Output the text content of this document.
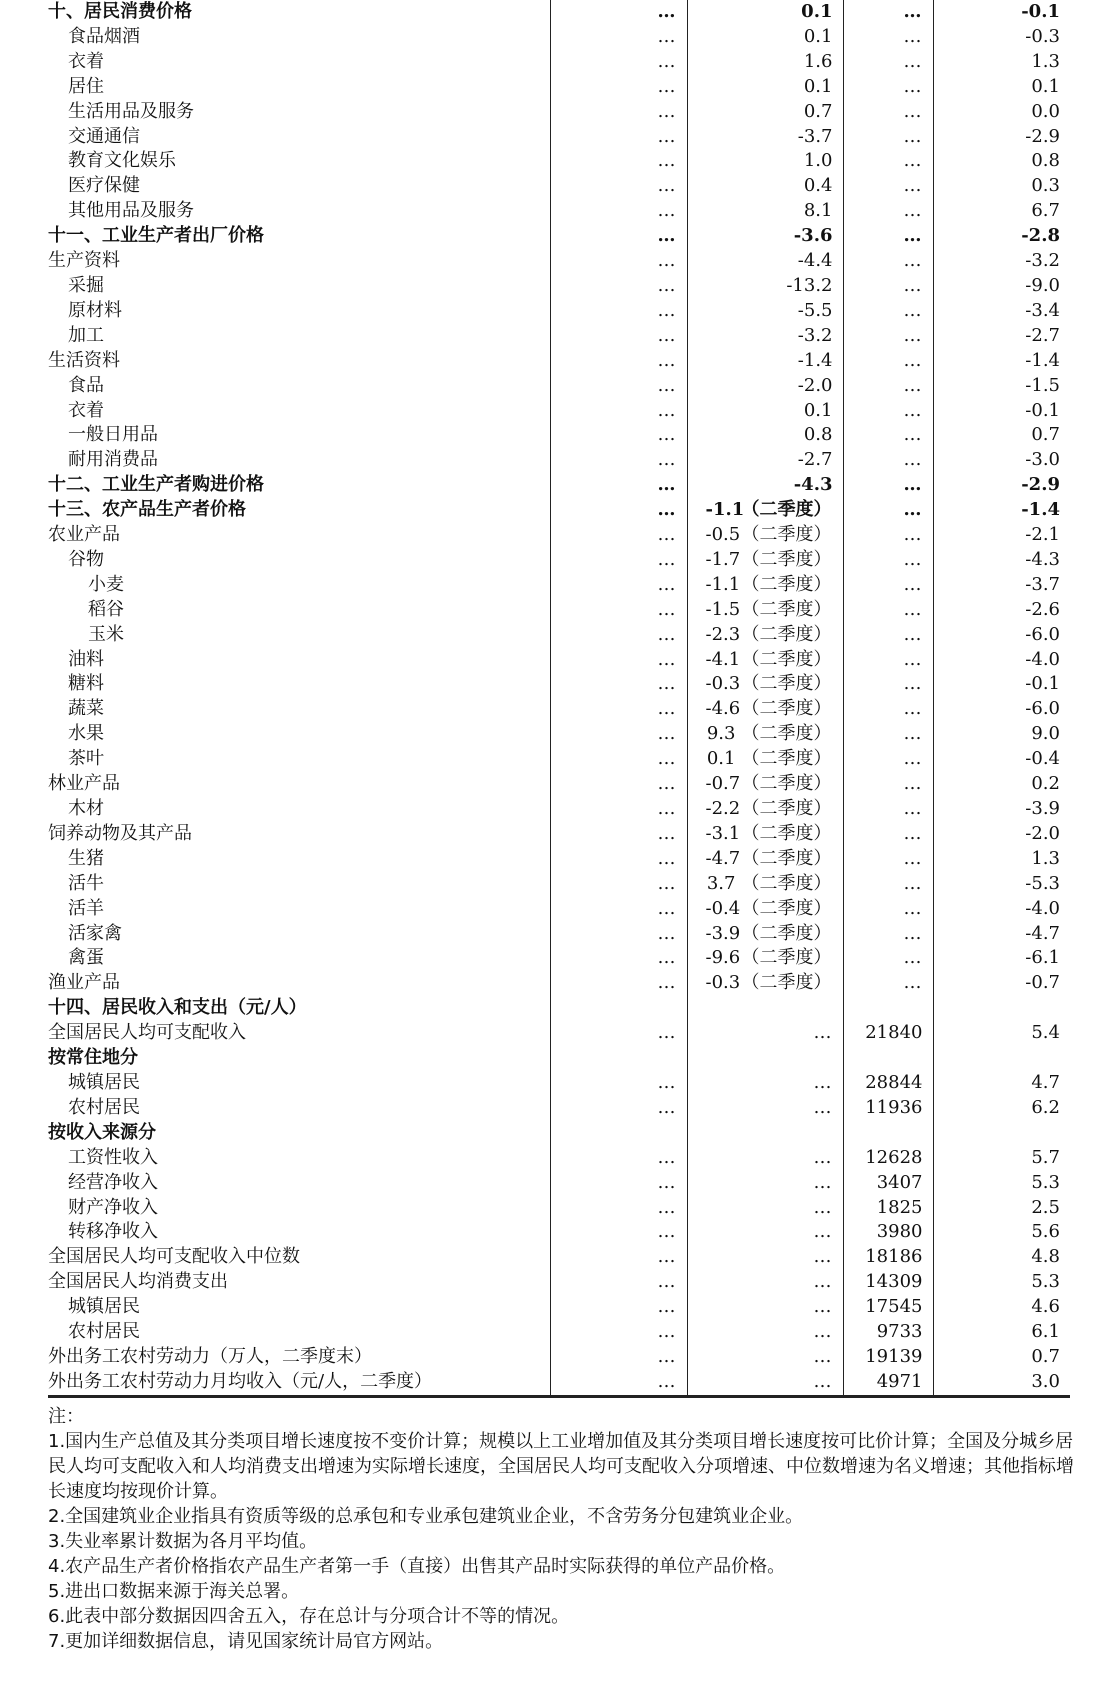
十、居民消费价格	…	0.1	…	-0.1
食品烟酒	…	0.1	…	-0.3
衣着	…	1.6	…	1.3
居住	…	0.1	…	0.1
生活用品及服务	…	0.7	…	0.0
交通通信	…	-3.7	…	-2.9
教育文化娱乐	…	1.0	…	0.8
医疗保健	…	0.4	…	0.3
其他用品及服务	…	8.1	…	6.7
十一、工业生产者出厂价格	…	-3.6	…	-2.8
生产资料	…	-4.4	…	-3.2
采掘	…	-13.2	…	-9.0
原材料	…	-5.5	…	-3.4
加工	…	-3.2	…	-2.7
生活资料	…	-1.4	…	-1.4
食品	…	-2.0	…	-1.5
衣着	…	0.1	…	-0.1
一般日用品	…	0.8	…	0.7
耐用消费品	…	-2.7	…	-3.0
十二、工业生产者购进价格	…	-4.3	…	-2.9
十三、农产品生产者价格	…	-1.1（二季度）	…	-1.4
农业产品	…	-0.5（二季度）	…	-2.1
谷物	…	-1.7（二季度）	…	-4.3
小麦	…	-1.1（二季度）	…	-3.7
稻谷	…	-1.5（二季度）	…	-2.6
玉米	…	-2.3（二季度）	…	-6.0
油料	…	-4.1（二季度）	…	-4.0
糖料	…	-0.3（二季度）	…	-0.1
蔬菜	…	-4.6（二季度）	…	-6.0
水果	…	9.3 （二季度）	…	9.0
茶叶	…	0.1 （二季度）	…	-0.4
林业产品	…	-0.7（二季度）	…	0.2
木材	…	-2.2（二季度）	…	-3.9
饲养动物及其产品	…	-3.1（二季度）	…	-2.0
生猪	…	-4.7（二季度）	…	1.3
活牛	…	3.7 （二季度）	…	-5.3
活羊	…	-0.4（二季度）	…	-4.0
活家禽	…	-3.9（二季度）	…	-4.7
禽蛋	…	-9.6（二季度）	…	-6.1
渔业产品	…	-0.3（二季度）	…	-0.7
十四、居民收入和支出（元/人）				
全国居民人均可支配收入	…	…	21840	5.4
按常住地分				
城镇居民	…	…	28844	4.7
农村居民	…	…	11936	6.2
按收入来源分				
工资性收入	…	…	12628	5.7
经营净收入	…	…	3407	5.3
财产净收入	…	…	1825	2.5
转移净收入	…	…	3980	5.6
全国居民人均可支配收入中位数	…	…	18186	4.8
全国居民人均消费支出	…	…	14309	5.3
城镇居民	…	…	17545	4.6
农村居民	…	…	9733	6.1
外出务工农村劳动力（万人，二季度末）	…	…	19139	0.7
外出务工农村劳动力月均收入（元/人，二季度）	…	…	4971	3.0

注：

1.国内生产总值及其分类项目增长速度按不变价计算；规模以上工业增加值及其分类项目增长速度按可比价计算；全国及分城乡居民人均可支配收入和人均消费支出增速为实际增长速度，全国居民人均可支配收入分项增速、中位数增速为名义增速；其他指标增长速度均按现价计算。

2.全国建筑业企业指具有资质等级的总承包和专业承包建筑业企业，不含劳务分包建筑业企业。

3.失业率累计数据为各月平均值。

4.农产品生产者价格指农产品生产者第一手（直接）出售其产品时实际获得的单位产品价格。

5.进出口数据来源于海关总署。

6.此表中部分数据因四舍五入，存在总计与分项合计不等的情况。

7.更加详细数据信息，请见国家统计局官方网站。
